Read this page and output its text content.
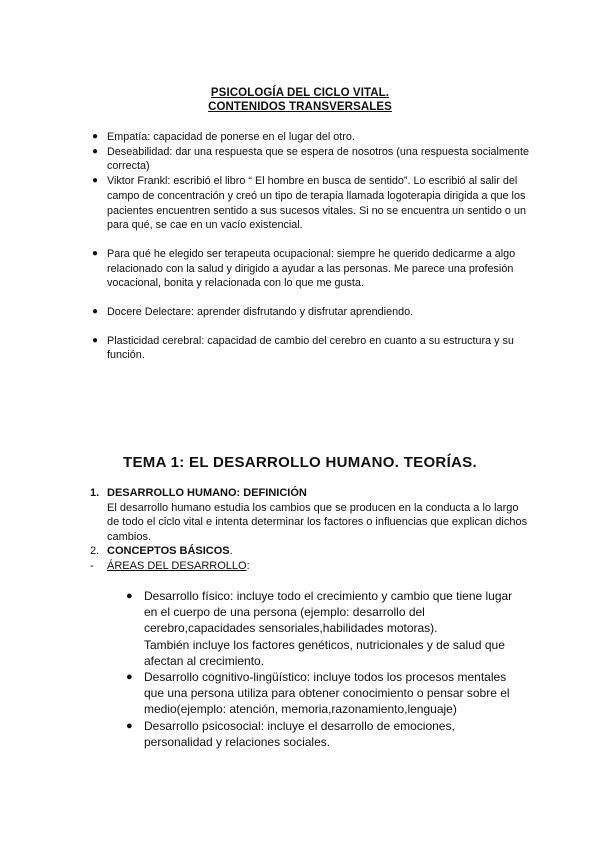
PSICOLOGÍA DEL CICLO VITAL.
CONTENIDOS TRANSVERSALES
● Empatía: capacidad de ponerse en el lugar del otro.
● Deseabilidad: dar una respuesta que se espera de nosotros (una respuesta socialmente correcta)
● Viktor Frankl: escribió el libro “ El hombre en busca de sentido”. Lo escribió al salir del campo de concentración y creó un tipo de terapia llamada logoterapia dirigida a que los pacientes encuentren sentido a sus sucesos vitales. Si no se encuentra un sentido o un para qué, se cae en un vacío existencial.
● Para qué he elegido ser terapeuta ocupacional: siempre he querido dedicarme a algo relacionado con la salud y dirigido a ayudar a las personas. Me parece una profesión vocacional, bonita y relacionada con lo que me gusta.
● Docere Delectare: aprender disfrutando y disfrutar aprendiendo.
● Plasticidad cerebral: capacidad de cambio del cerebro en cuanto a su estructura y su función.
TEMA 1: EL DESARROLLO HUMANO. TEORÍAS.
1. DESARROLLO HUMANO: DEFINICIÓN
El desarrollo humano estudia los cambios que se producen en la conducta a lo largo de todo el ciclo vital e intenta determinar los factores o influencias que explican dichos cambios.
2. CONCEPTOS BÁSICOS.
- ÁREAS DEL DESARROLLO:
● Desarrollo físico: incluye todo el crecimiento y cambio que tiene lugar en el cuerpo de una persona (ejemplo: desarrollo del cerebro,capacidades sensoriales,habilidades motoras).
También incluye los factores genéticos, nutricionales y de salud que afectan al crecimiento.
● Desarrollo cognitivo-lingüístico: incluye todos los procesos mentales que una persona utiliza para obtener conocimiento o pensar sobre el medio(ejemplo: atención, memoria,razonamiento,lenguaje)
● Desarrollo psicosocial: incluye el desarrollo de emociones, personalidad y relaciones sociales.
